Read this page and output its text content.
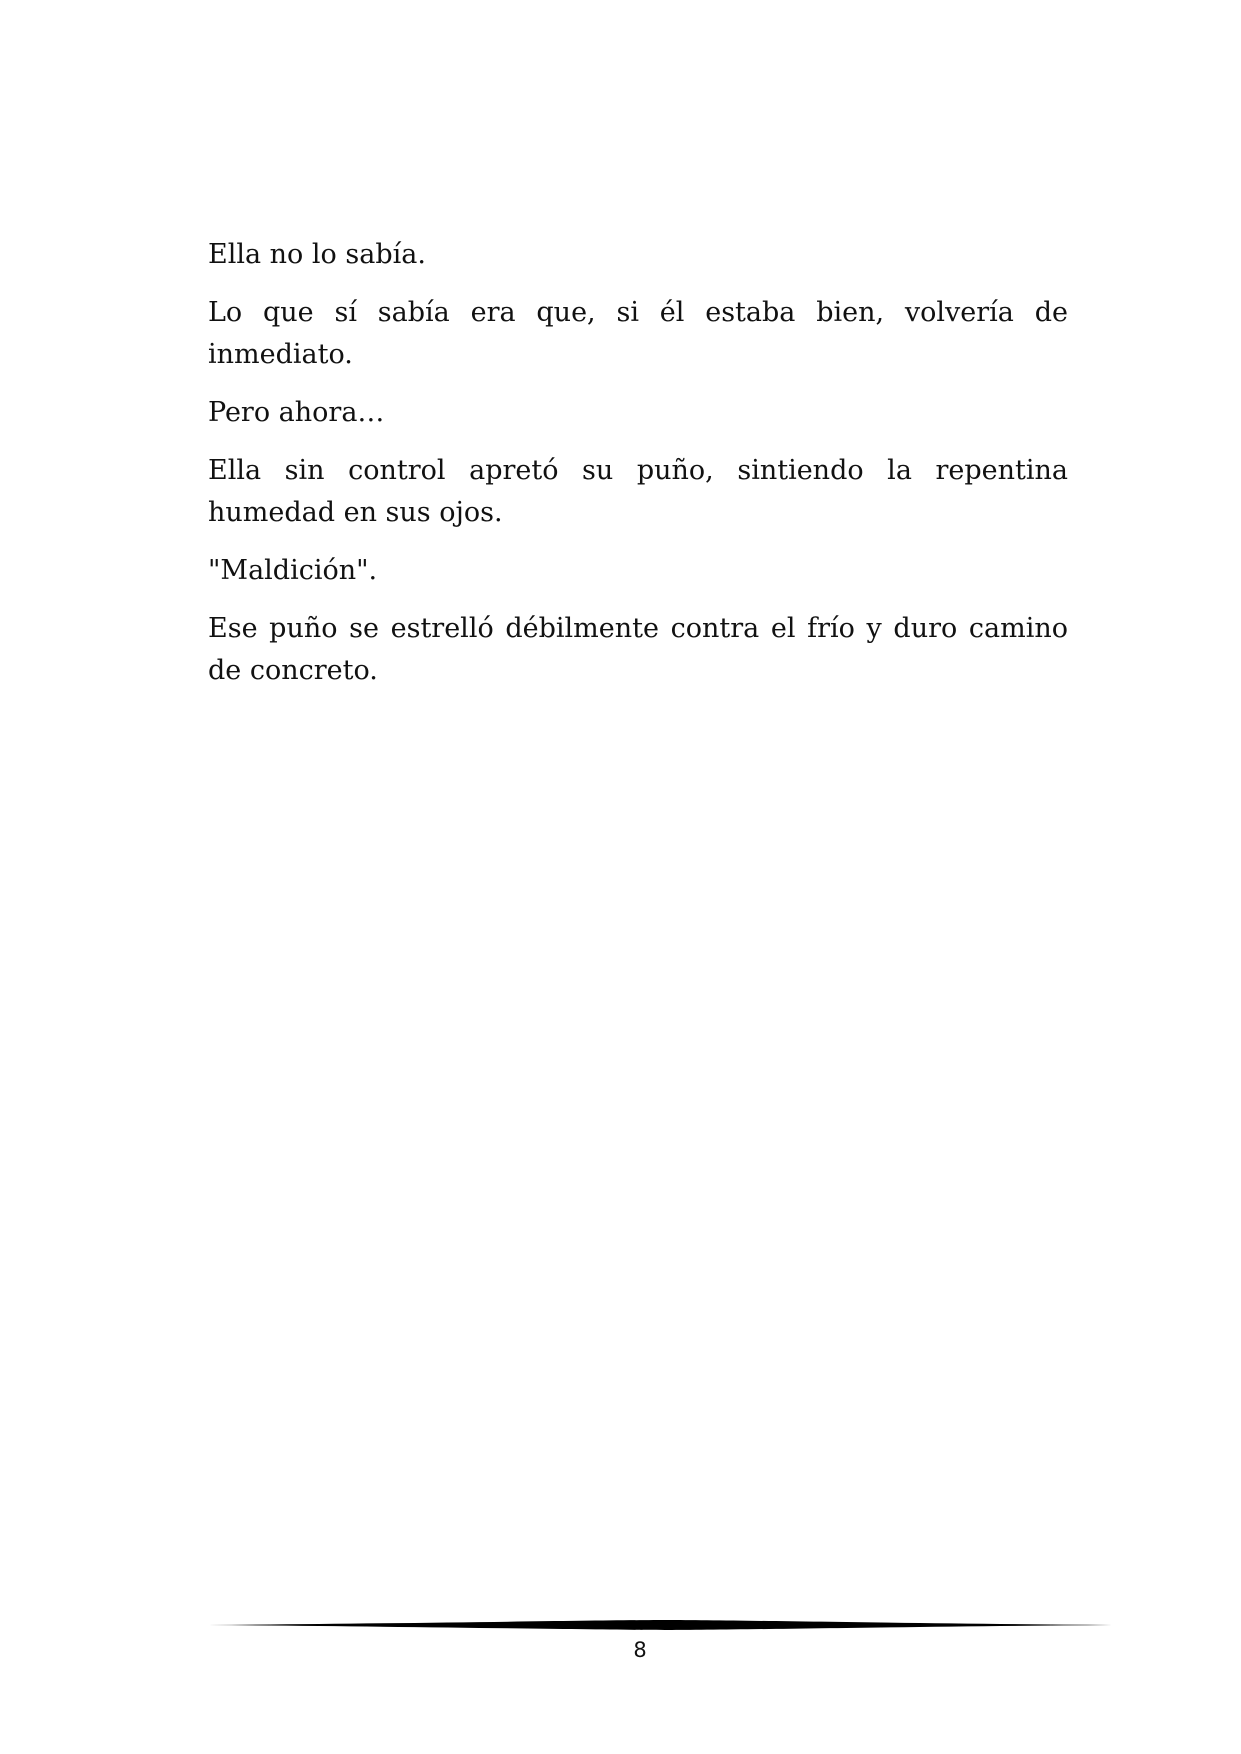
Ella no lo sabía.

Lo que sí sabía era que, si él estaba bien, volvería de inmediato.

Pero ahora…

Ella sin control apretó su puño, sintiendo la repentina humedad en sus ojos.

"Maldición".

Ese puño se estrelló débilmente contra el frío y duro camino de concreto.

8
